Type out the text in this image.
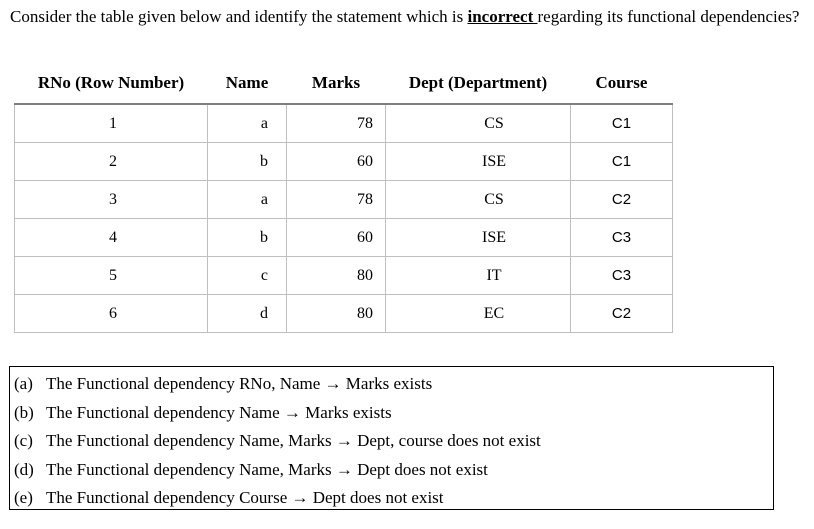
Consider the table given below and identify the statement which is incorrect regarding its functional dependencies?
RNo (Row Number)	Name	Marks	Dept (Department)	Course
1	a	78	CS	C1
2	b	60	ISE	C1
3	a	78	CS	C2
4	b	60	ISE	C3
5	c	80	IT	C3
6	d	80	EC	C2
(a) The Functional dependency RNo, Name → Marks exists
(b) The Functional dependency Name → Marks exists
(c) The Functional dependency Name, Marks → Dept, course does not exist
(d) The Functional dependency Name, Marks → Dept does not exist
(e) The Functional dependency Course → Dept does not exist
